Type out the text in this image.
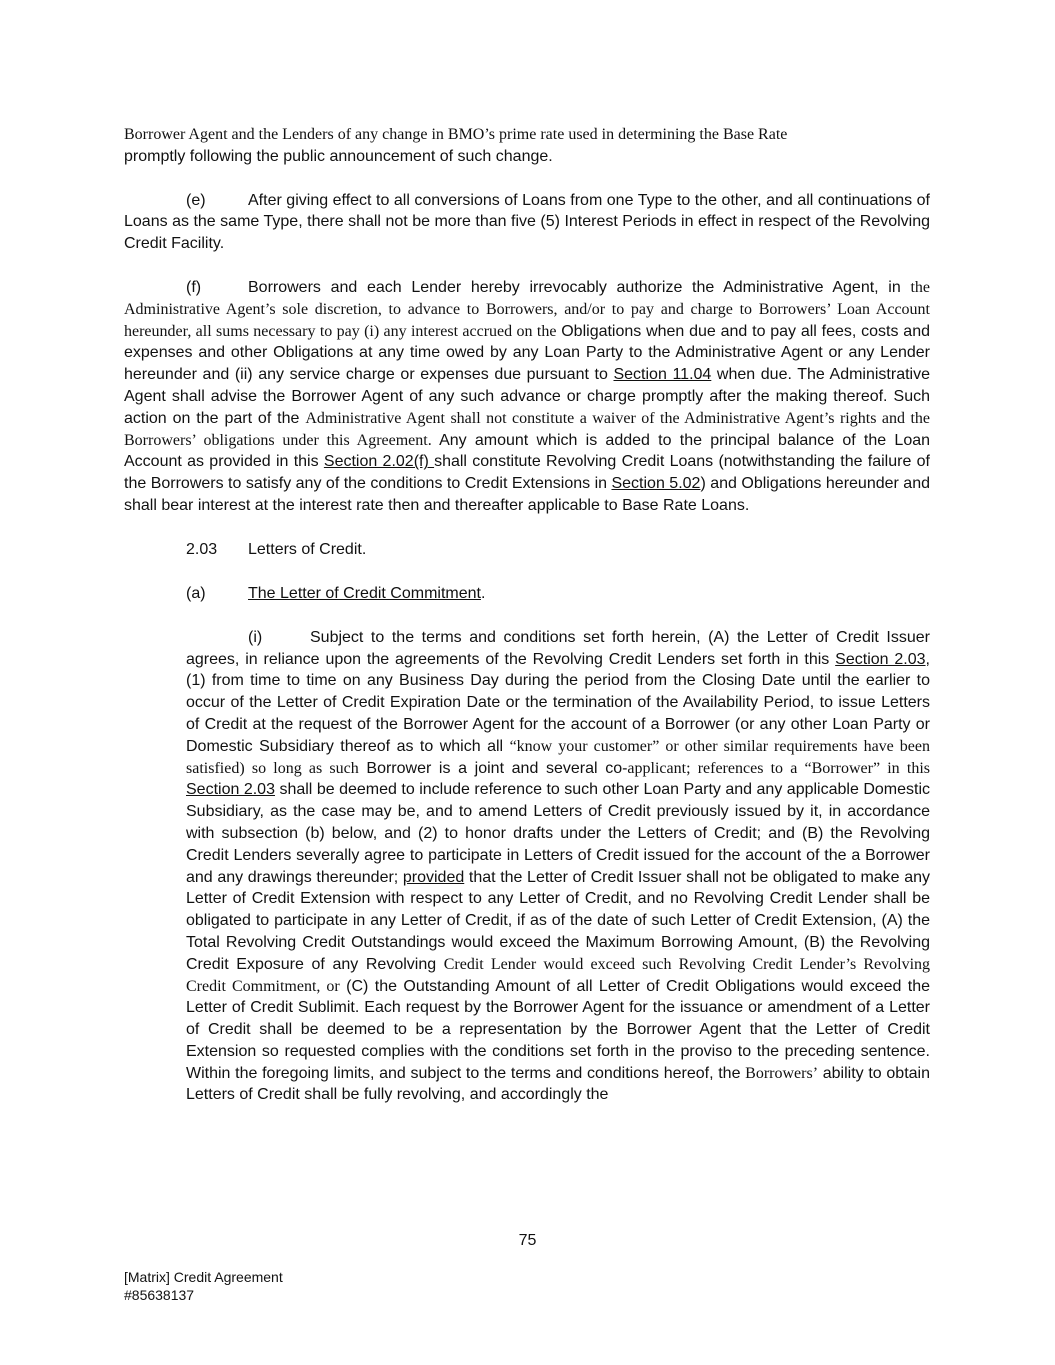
Borrower Agent and the Lenders of any change in BMO’s prime rate used in determining the Base Rate
promptly following the public announcement of such change.

(e)	After giving effect to all conversions of Loans from one Type to the other, and all continuations of Loans as the same Type, there shall not be more than five (5) Interest Periods in effect in respect of the Revolving Credit Facility.

(f)	Borrowers and each Lender hereby irrevocably authorize the Administrative Agent, in the Administrative Agent’s sole discretion, to advance to Borrowers, and/or to pay and charge to Borrowers’ Loan Account hereunder, all sums necessary to pay (i) any interest accrued on the Obligations when due and to pay all fees, costs and expenses and other Obligations at any time owed by any Loan Party to the Administrative Agent or any Lender hereunder and (ii) any service charge or expenses due pursuant to Section 11.04 when due. The Administrative Agent shall advise the Borrower Agent of any such advance or charge promptly after the making thereof. Such action on the part of the Administrative Agent shall not constitute a waiver of the Administrative Agent’s rights and the Borrowers’ obligations under this Agreement. Any amount which is added to the principal balance of the Loan Account as provided in this Section 2.02(f) shall constitute Revolving Credit Loans (notwithstanding the failure of the Borrowers to satisfy any of the conditions to Credit Extensions in Section 5.02) and Obligations hereunder and shall bear interest at the interest rate then and thereafter applicable to Base Rate Loans.

2.03 Letters of Credit.
(a)	The Letter of Credit Commitment.

(i)	Subject to the terms and conditions set forth herein, (A) the Letter of Credit Issuer agrees, in reliance upon the agreements of the Revolving Credit Lenders set forth in this Section 2.03, (1) from time to time on any Business Day during the period from the Closing Date until the earlier to occur of the Letter of Credit Expiration Date or the termination of the Availability Period, to issue Letters of Credit at the request of the Borrower Agent for the account of a Borrower (or any other Loan Party or Domestic Subsidiary thereof as to which all “know your customer” or other similar requirements have been satisfied) so long as such Borrower is a joint and several co-applicant; references to a “Borrower” in this Section 2.03 shall be deemed to include reference to such other Loan Party and any applicable Domestic Subsidiary, as the case may be, and to amend Letters of Credit previously issued by it, in accordance with subsection (b) below, and (2) to honor drafts under the Letters of Credit; and (B) the Revolving Credit Lenders severally agree to participate in Letters of Credit issued for the account of the a Borrower and any drawings thereunder; provided that the Letter of Credit Issuer shall not be obligated to make any Letter of Credit Extension with respect to any Letter of Credit, and no Revolving Credit Lender shall be obligated to participate in any Letter of Credit, if as of the date of such Letter of Credit Extension, (A) the Total Revolving Credit Outstandings would exceed the Maximum Borrowing Amount, (B) the Revolving Credit Exposure of any Revolving Credit Lender would exceed such Revolving Credit Lender’s Revolving Credit Commitment, or (C) the Outstanding Amount of all Letter of Credit Obligations would exceed the Letter of Credit Sublimit. Each request by the Borrower Agent for the issuance or amendment of a Letter of Credit shall be deemed to be a representation by the Borrower Agent that the Letter of Credit Extension so requested complies with the conditions set forth in the proviso to the preceding sentence. Within the foregoing limits, and subject to the terms and conditions hereof, the Borrowers’ ability to obtain Letters of Credit shall be fully revolving, and accordingly the

75
[Matrix] Credit Agreement
#85638137
